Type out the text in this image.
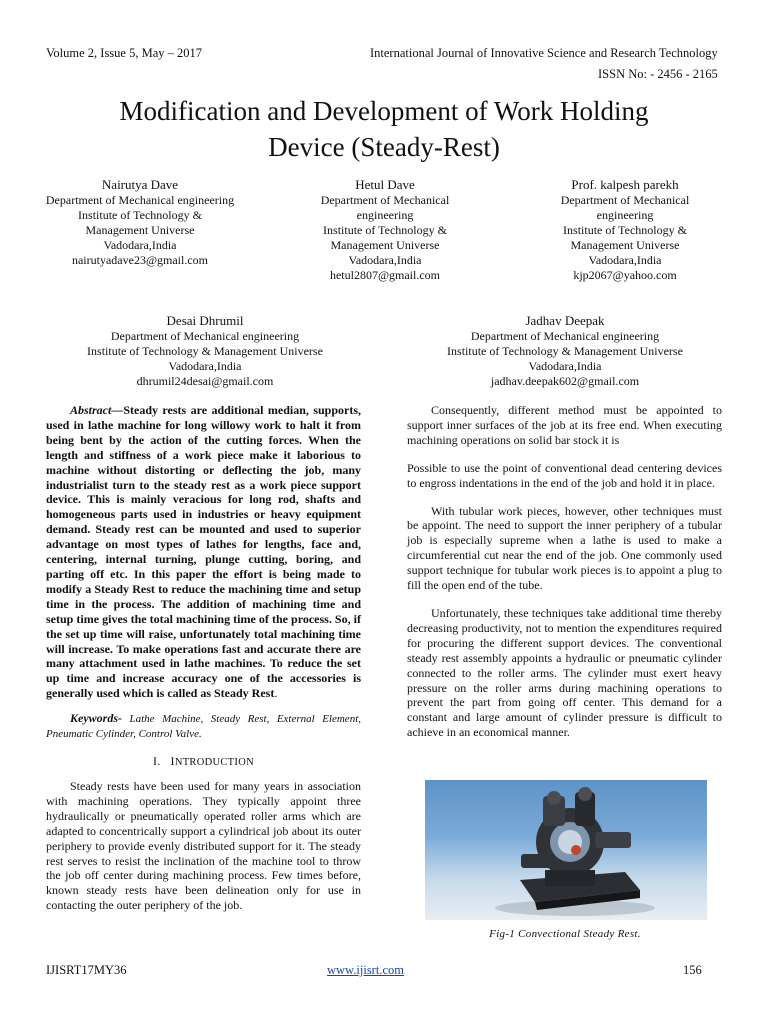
Volume 2, Issue 5, May – 2017	International Journal of Innovative Science and Research Technology
ISSN No: - 2456 - 2165
Modification and Development of Work Holding
Device (Steady-Rest)
Nairutya Dave
Department of Mechanical engineering
Institute of Technology &
Management Universe
Vadodara,India
nairutyadave23@gmail.com
Hetul Dave
Department of Mechanical
engineering
Institute of Technology &
Management Universe
Vadodara,India
hetul2807@gmail.com
Prof. kalpesh parekh
Department of Mechanical
engineering
Institute of Technology &
Management Universe
Vadodara,India
kjp2067@yahoo.com
Desai Dhrumil
Department of Mechanical engineering
Institute of Technology & Management Universe
Vadodara,India
dhrumil24desai@gmail.com
Jadhav Deepak
Department of Mechanical engineering
Institute of Technology & Management Universe
Vadodara,India
jadhav.deepak602@gmail.com

Abstract—Steady rests are additional median, supports, used in lathe machine for long willowy work to halt it from being bent by the action of the cutting forces. When the length and stiffness of a work piece make it laborious to machine without distorting or deflecting the job, many industrialist turn to the steady rest as a work piece support device. This is mainly veracious for long rod, shafts and homogeneous parts used in industries or heavy equipment demand. Steady rest can be mounted and used to superior advantage on most types of lathes for lengths, face and, centering, internal turning, plunge cutting, boring, and parting off etc. In this paper the effort is being made to modify a Steady Rest to reduce the machining time and setup time in the process. The addition of machining time and setup time gives the total machining time of the process. So, if the set up time will raise, unfortunately total machining time will increase. To make operations fast and accurate there are many attachment used in lathe machines. To reduce the set up time and increase accuracy one of the accessories is generally used which is called as Steady Rest.

Keywords- Lathe Machine, Steady Rest, External Element, Pneumatic Cylinder, Control Valve.

I. INTRODUCTION

Steady rests have been used for many years in association with machining operations. They typically appoint three hydraulically or pneumatically operated roller arms which are adapted to concentrically support a cylindrical job about its outer periphery to provide evenly distributed support for it. The steady rest serves to resist the inclination of the machine tool to throw the job off center during machining process. Few times before, known steady rests have been delineation only for use in contacting the outer periphery of the job.

Consequently, different method must be appointed to support inner surfaces of the job at its free end. When executing machining operations on solid bar stock it is

Possible to use the point of conventional dead centering devices to engross indentations in the end of the job and hold it in place.

With tubular work pieces, however, other techniques must be appoint. The need to support the inner periphery of a tubular job is especially supreme when a lathe is used to make a circumferential cut near the end of the job. One commonly used support technique for tubular work pieces is to appoint a plug to fill the open end of the tube.

Unfortunately, these techniques take additional time thereby decreasing productivity, not to mention the expenditures required for procuring the different support devices. The conventional steady rest assembly appoints a hydraulic or pneumatic cylinder connected to the roller arms. The cylinder must exert heavy pressure on the roller arms during machining operations to prevent the part from going off center. This demand for a constant and large amount of cylinder pressure is difficult to achieve in an economical manner.

Fig-1 Convectional Steady Rest.
IJISRT17MY36	www.ijisrt.com	156
